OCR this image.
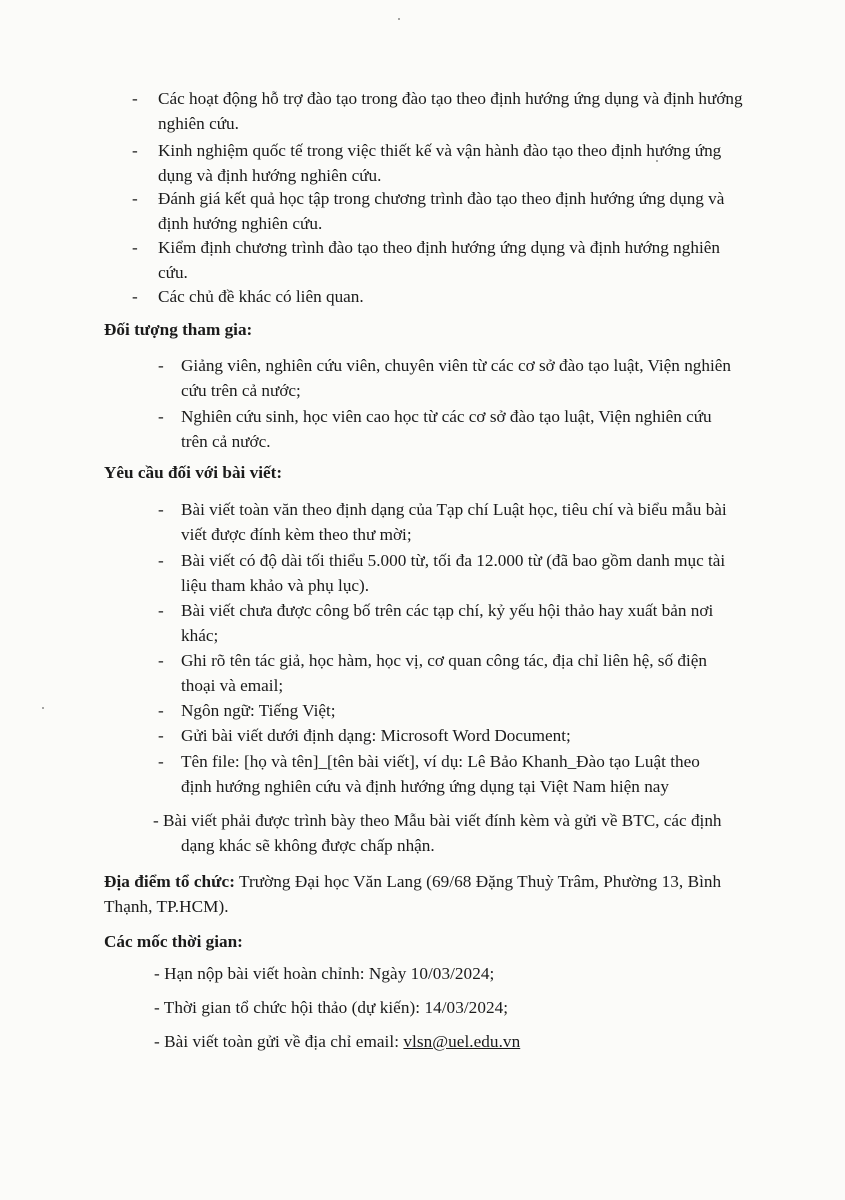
- Các hoạt động hỗ trợ đào tạo trong đào tạo theo định hướng ứng dụng và định hướng
nghiên cứu.
- Kinh nghiệm quốc tế trong việc thiết kế và vận hành đào tạo theo định hướng ứng
dụng và định hướng nghiên cứu.
- Đánh giá kết quả học tập trong chương trình đào tạo theo định hướng ứng dụng và
định hướng nghiên cứu.
- Kiểm định chương trình đào tạo theo định hướng ứng dụng và định hướng nghiên
cứu.
- Các chủ đề khác có liên quan.
Đối tượng tham gia:
- Giảng viên, nghiên cứu viên, chuyên viên từ các cơ sở đào tạo luật, Viện nghiên
cứu trên cả nước;
- Nghiên cứu sinh, học viên cao học từ các cơ sở đào tạo luật, Viện nghiên cứu
trên cả nước.
Yêu cầu đối với bài viết:
- Bài viết toàn văn theo định dạng của Tạp chí Luật học, tiêu chí và biểu mẫu bài
viết được đính kèm theo thư mời;
- Bài viết có độ dài tối thiểu 5.000 từ, tối đa 12.000 từ (đã bao gồm danh mục tài
liệu tham khảo và phụ lục).
- Bài viết chưa được công bố trên các tạp chí, kỷ yếu hội thảo hay xuất bản nơi
khác;
- Ghi rõ tên tác giả, học hàm, học vị, cơ quan công tác, địa chỉ liên hệ, số điện
thoại và email;
- Ngôn ngữ: Tiếng Việt;
- Gửi bài viết dưới định dạng: Microsoft Word Document;
- Tên file: [họ và tên]_[tên bài viết], ví dụ: Lê Bảo Khanh_Đào tạo Luật theo
định hướng nghiên cứu và định hướng ứng dụng tại Việt Nam hiện nay
- Bài viết phải được trình bày theo Mẫu bài viết đính kèm và gửi về BTC, các định
dạng khác sẽ không được chấp nhận.
Địa điểm tổ chức: Trường Đại học Văn Lang (69/68 Đặng Thuỳ Trâm, Phường 13, Bình
Thạnh, TP.HCM).
Các mốc thời gian:
- Hạn nộp bài viết hoàn chỉnh: Ngày 10/03/2024;
- Thời gian tổ chức hội thảo (dự kiến): 14/03/2024;
- Bài viết toàn gửi về địa chỉ email: vlsn@uel.edu.vn
